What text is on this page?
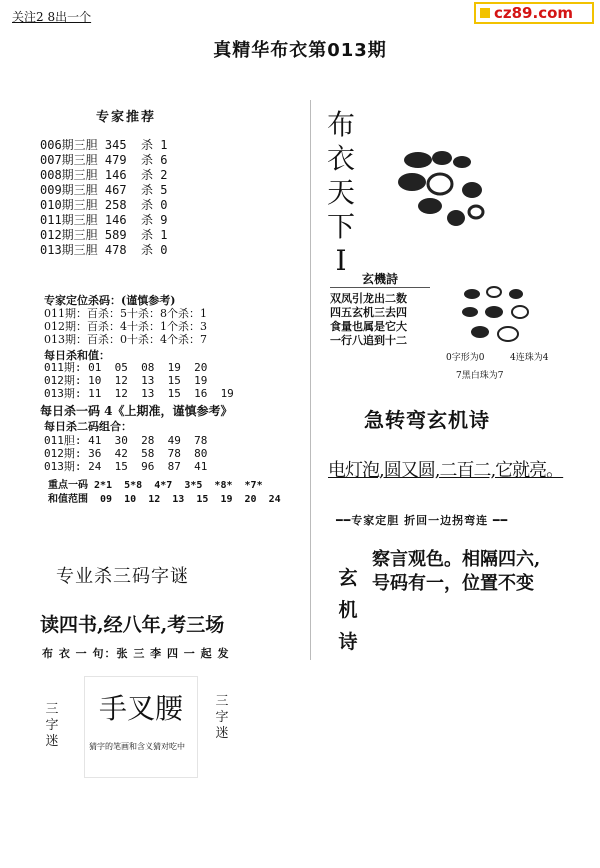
关注2 8出一个	cz89.com
真精华布衣第013期
专家推荐
006期三胆 345  杀 1
007期三胆 479  杀 6
008期三胆 146  杀 2
009期三胆 467  杀 5
010期三胆 258  杀 0
011期三胆 146  杀 9
012期三胆 589  杀 1
013期三胆 478  杀 0
专家定位杀码：(谨慎参考)
011期：百杀：5十杀：8个杀：1
012期：百杀：4十杀：1个杀：3
013期：百杀：0十杀：4个杀：7
每日杀和值：
011期: 01  05  08  19  20
012期: 10  12  13  15  19
013期: 11  12  13  15  16  19
每日杀一码 4《上期准，谨慎参考》
每日杀二码组合：
011胆: 41  30  28  49  78
012期: 36  42  58  78  80
013期: 24  15  96  87  41
重点一码 2*1  5*8  4*7  3*5  *8*  *7*
和值范围  09  10  12  13  15  19  20  24
专业杀三码字谜
读四书,经八年,考三场
布 衣 一 句：张 三 李 四 一 起 发
三字迷
手叉腰
猜字的笔画和含义猜对吃中
三字迷
布衣天下I
玄機詩
双凤引龙出二数
四五玄机三去四
食量也属是它大
一行八追到十二
0字形为0	4连珠为4
7黑白珠为7
急转弯玄机诗
电灯泡,圆又圆,二百二,它就亮。
━━专家定胆 折回一边拐弯连 ━━
玄机诗
察言观色。相隔四六,
号码有一，位置不变
